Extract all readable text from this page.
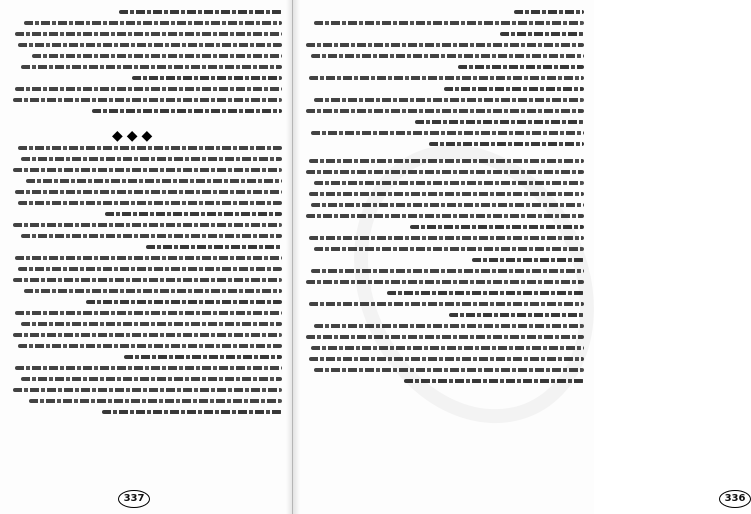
◆◆◆
337	336
